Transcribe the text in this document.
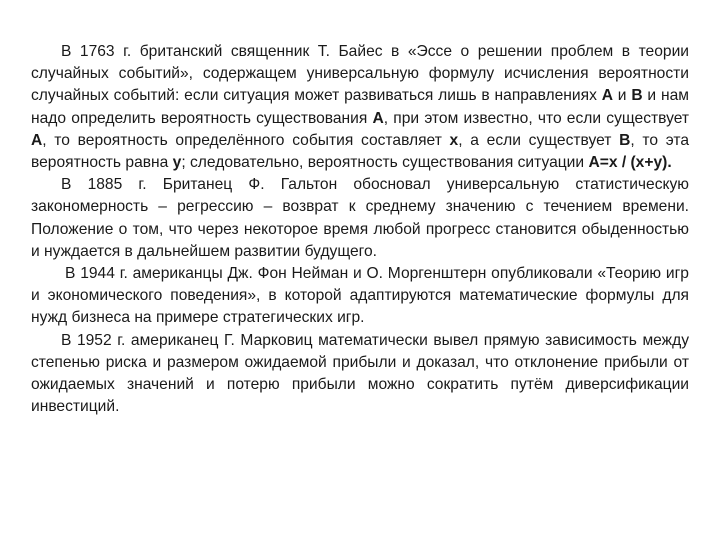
В 1763 г. британский священник Т. Байес в «Эссе о решении проблем в теории случайных событий», содержащем универсальную формулу исчисления вероятности случайных событий: если ситуация может развиваться лишь в направлениях А и В и нам надо определить вероятность существования А, при этом известно, что если существует А, то вероятность определённого события составляет х, а если существует В, то эта вероятность равна у; следовательно, вероятность существования ситуации А=х / (х+у).

В 1885 г. Британец Ф. Гальтон обосновал универсальную статистическую закономерность – регрессию – возврат к среднему значению с течением времени. Положение о том, что через некоторое время любой прогресс становится обыденностью и нуждается в дальнейшем развитии будущего.

В 1944 г. американцы Дж. Фон Нейман и О. Моргенштерн опубликовали «Теорию игр и экономического поведения», в которой адаптируются математические формулы для нужд бизнеса на примере стратегических игр.

В 1952 г. американец Г. Марковиц математически вывел прямую зависимость между степенью риска и размером ожидаемой прибыли и доказал, что отклонение прибыли от ожидаемых значений и потерю прибыли можно сократить путём диверсификации инвестиций.
